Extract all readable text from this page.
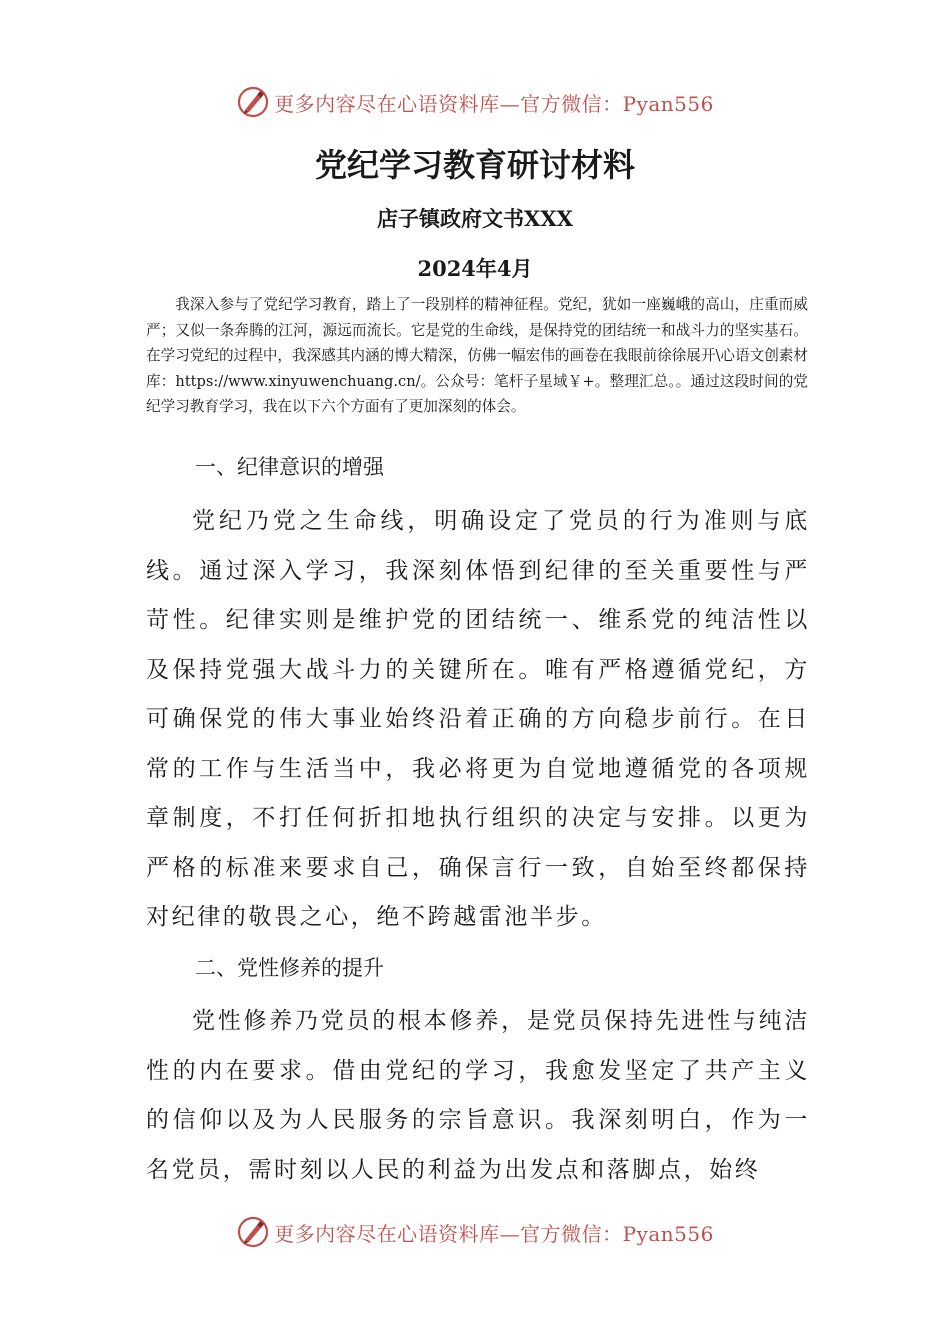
更多内容尽在心语资料库—官方微信：Pyan556
党纪学习教育研讨材料
店子镇政府文书XXX
2024年4月

我深入参与了党纪学习教育，踏上了一段别样的精神征程。党纪，犹如一座巍峨的高山，庄重而威严；又似一条奔腾的江河，源远而流长。它是党的生命线，是保持党的团结统一和战斗力的坚实基石。在学习党纪的过程中，我深感其内涵的博大精深，仿佛一幅宏伟的画卷在我眼前徐徐展开\心语文创素材库：https://www.xinyuwenchuang.cn/。公众号：笔杆子星域￥+。整理汇总。。通过这段时间的党纪学习教育学习，我在以下六个方面有了更加深刻的体会。

一、纪律意识的增强

党纪乃党之生命线，明确设定了党员的行为准则与底线。通过深入学习，我深刻体悟到纪律的至关重要性与严苛性。纪律实则是维护党的团结统一、维系党的纯洁性以及保持党强大战斗力的关键所在。唯有严格遵循党纪，方可确保党的伟大事业始终沿着正确的方向稳步前行。在日常的工作与生活当中，我必将更为自觉地遵循党的各项规章制度，不打任何折扣地执行组织的决定与安排。以更为严格的标准来要求自己，确保言行一致，自始至终都保持对纪律的敬畏之心，绝不跨越雷池半步。

二、党性修养的提升

党性修养乃党员的根本修养，是党员保持先进性与纯洁性的内在要求。借由党纪的学习，我愈发坚定了共产主义的信仰以及为人民服务的宗旨意识。我深刻明白，作为一名党员，需时刻以人民的利益为出发点和落脚点，始终

更多内容尽在心语资料库—官方微信：Pyan556
